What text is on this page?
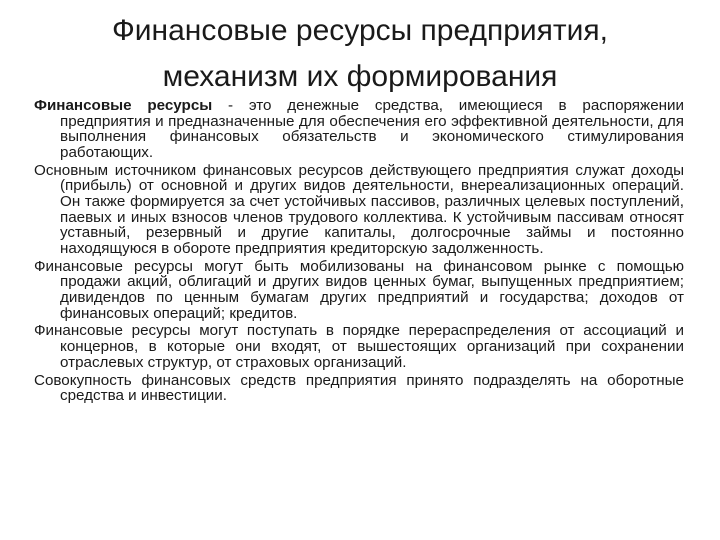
Финансовые ресурсы предприятия,
механизм их формирования

Финансовые ресурсы - это денежные средства, имеющиеся в распоряжении предприятия и предназначенные для обеспечения его эффективной деятельности, для выполнения финансовых обязательств и экономического стимулирования работающих.

Основным источником финансовых ресурсов действующего предприятия служат доходы (прибыль) от основной и других видов деятельности, внереализационных операций. Он также формируется за счет устойчивых пассивов, различных целевых поступлений, паевых и иных взносов членов трудового коллектива. К устойчивым пассивам относят уставный, резервный и другие капиталы, долгосрочные займы и постоянно находящуюся в обороте предприятия кредиторскую задолженность.

Финансовые ресурсы могут быть мобилизованы на финансовом рынке с помощью продажи акций, облигаций и других видов ценных бумаг, выпущенных предприятием; дивидендов по ценным бумагам других предприятий и государства; доходов от финансовых операций; кредитов.

Финансовые ресурсы могут поступать в порядке перераспределения от ассоциаций и концернов, в которые они входят, от вышестоящих организаций при сохранении отраслевых структур, от страховых организаций.

Совокупность финансовых средств предприятия принято подразделять на оборотные средства и инвестиции.
